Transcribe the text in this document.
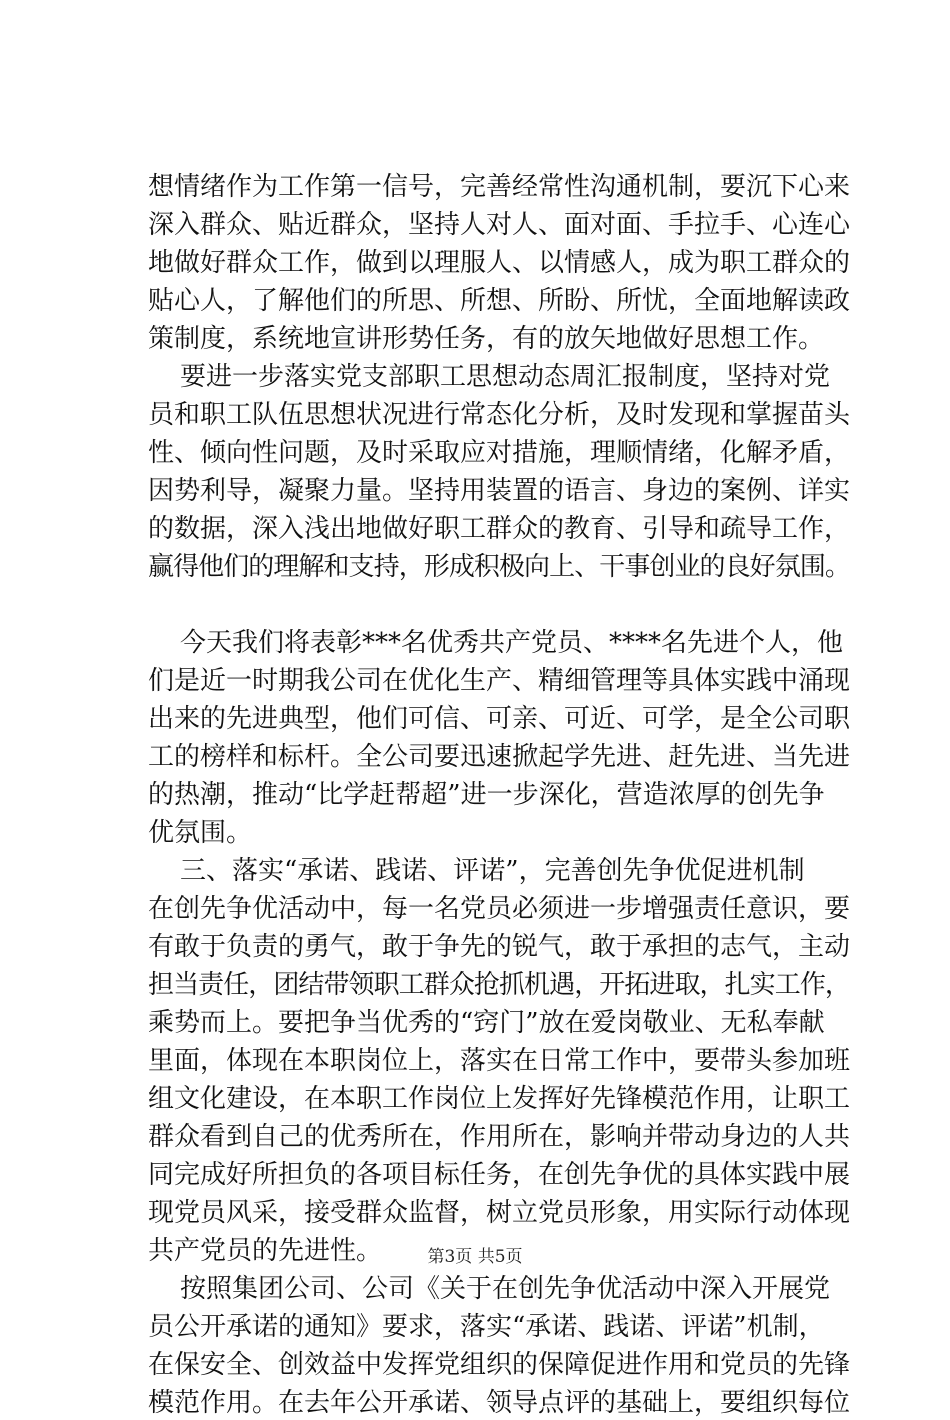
想情绪作为工作第一信号，完善经常性沟通机制，要沉下心来
深入群众、贴近群众，坚持人对人、面对面、手拉手、心连心
地做好群众工作，做到以理服人、以情感人，成为职工群众的
贴心人，了解他们的所思、所想、所盼、所忧，全面地解读政
策制度，系统地宣讲形势任务，有的放矢地做好思想工作。
要进一步落实党支部职工思想动态周汇报制度，坚持对党
员和职工队伍思想状况进行常态化分析，及时发现和掌握苗头
性、倾向性问题，及时采取应对措施，理顺情绪，化解矛盾，
因势利导，凝聚力量。坚持用装置的语言、身边的案例、详实
的数据，深入浅出地做好职工群众的教育、引导和疏导工作，
赢得他们的理解和支持，形成积极向上、干事创业的良好氛围。
今天我们将表彰***名优秀共产党员、****名先进个人，他
们是近一时期我公司在优化生产、精细管理等具体实践中涌现
出来的先进典型，他们可信、可亲、可近、可学，是全公司职
工的榜样和标杆。全公司要迅速掀起学先进、赶先进、当先进
的热潮，推动“比学赶帮超”进一步深化，营造浓厚的创先争
优氛围。
三、落实“承诺、践诺、评诺”，完善创先争优促进机制
在创先争优活动中，每一名党员必须进一步增强责任意识，要
有敢于负责的勇气，敢于争先的锐气，敢于承担的志气，主动
担当责任，团结带领职工群众抢抓机遇，开拓进取，扎实工作，
乘势而上。要把争当优秀的“窍门”放在爱岗敬业、无私奉献
里面，体现在本职岗位上，落实在日常工作中，要带头参加班
组文化建设，在本职工作岗位上发挥好先锋模范作用，让职工
群众看到自己的优秀所在，作用所在，影响并带动身边的人共
同完成好所担负的各项目标任务，在创先争优的具体实践中展
现党员风采，接受群众监督，树立党员形象，用实际行动体现
共产党员的先进性。
按照集团公司、公司《关于在创先争优活动中深入开展党
员公开承诺的通知》要求，落实“承诺、践诺、评诺”机制，
在保安全、创效益中发挥党组织的保障促进作用和党员的先锋
模范作用。在去年公开承诺、领导点评的基础上，要组织每位
第3页 共5页
